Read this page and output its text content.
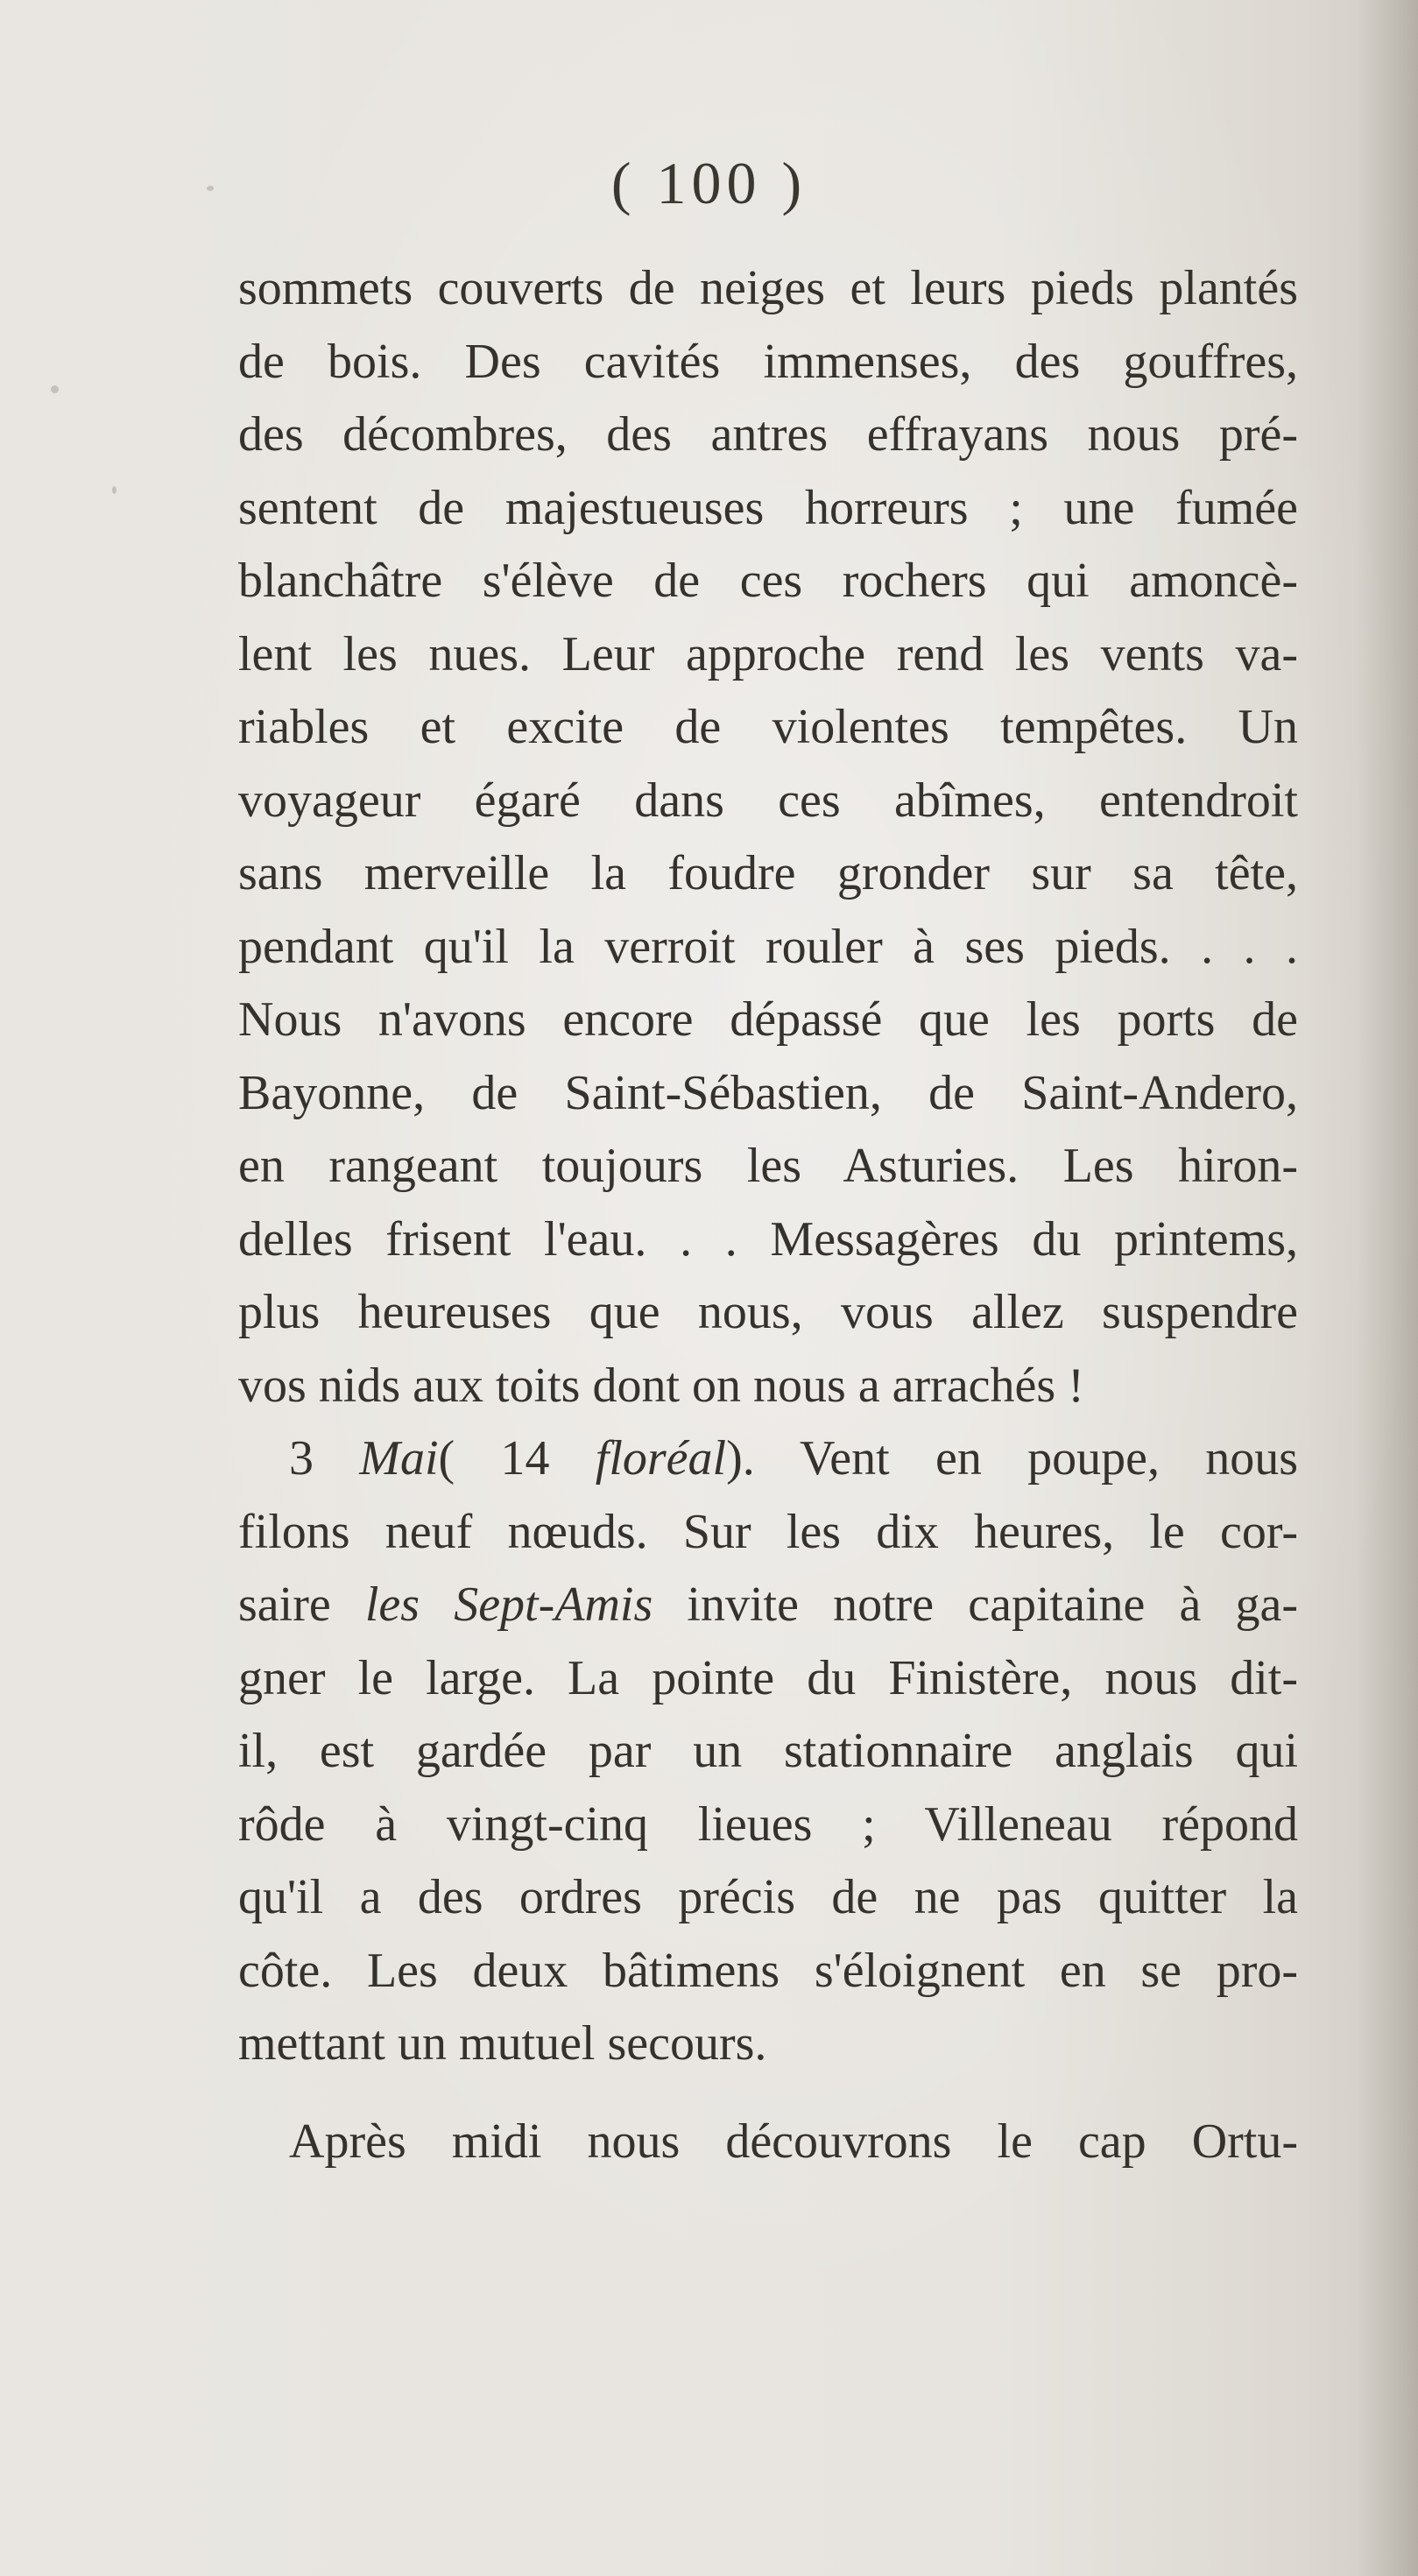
( 100 )
sommets couverts de neiges et leurs pieds plantés
de bois. Des cavités immenses, des gouffres,
des décombres, des antres effrayans nous pré-
sentent de majestueuses horreurs ; une fumée
blanchâtre s'élève de ces rochers qui amoncè-
lent les nues. Leur approche rend les vents va-
riables et excite de violentes tempêtes. Un
voyageur égaré dans ces abîmes, entendroit
sans merveille la foudre gronder sur sa tête,
pendant qu'il la verroit rouler à ses pieds. . . .
Nous n'avons encore dépassé que les ports de
Bayonne, de Saint-Sébastien, de Saint-Andero,
en rangeant toujours les Asturies. Les hiron-
delles frisent l'eau. . . Messagères du printems,
plus heureuses que nous, vous allez suspendre
vos nids aux toits dont on nous a arrachés !
3 Mai( 14 floréal). Vent en poupe, nous
filons neuf nœuds. Sur les dix heures, le cor-
saire les Sept-Amis invite notre capitaine à ga-
gner le large. La pointe du Finistère, nous dit-
il, est gardée par un stationnaire anglais qui
rôde à vingt-cinq lieues ; Villeneau répond
qu'il a des ordres précis de ne pas quitter la
côte. Les deux bâtimens s'éloignent en se pro-
mettant un mutuel secours.
Après midi nous découvrons le cap Ortu-
